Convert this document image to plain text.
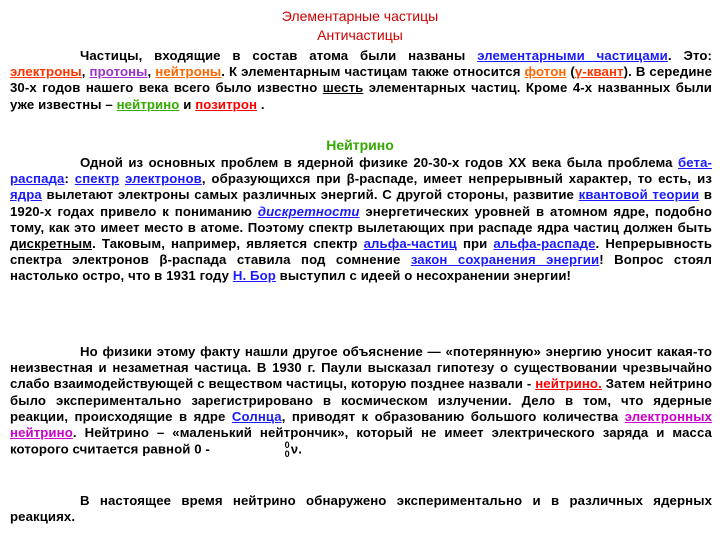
Элементарные частицы
Античастицы

Частицы, входящие в состав атома были названы элементарными частицами. Это: электроны, протоны, нейтроны. К элементарным частицам также относится фотон (γ-квант). В середине 30-х годов нашего века всего было известно шесть элементарных частиц. Кроме 4-х названных были уже известны – нейтрино и позитрон .

Нейтрино

Одной из основных проблем в ядерной физике 20-30-х годов XX века была проблема бета-распада: спектр электронов, образующихся при β-распаде, имеет непрерывный характер, то есть, из ядра вылетают электроны самых различных энергий. С другой стороны, развитие квантовой теории в 1920-х годах привело к пониманию дискретности энергетических уровней в атомном ядре, подобно тому, как это имеет место в атоме. Поэтому спектр вылетающих при распаде ядра частиц должен быть дискретным. Таковым, например, является спектр альфа-частиц при альфа-распаде. Непрерывность спектра электронов β-распада ставила под сомнение закон сохранения энергии! Вопрос стоял настолько остро, что в 1931 году Н. Бор выступил с идеей о несохранении энергии!

Но физики этому факту нашли другое объяснение — «потерянную» энергию уносит какая-то неизвестная и незаметная частица. В 1930 г. Паули высказал гипотезу о существовании чрезвычайно слабо взаимодействующей с веществом частицы, которую позднее назвали - нейтрино. Затем нейтрино было экспериментально зарегистрировано в космическом излучении. Дело в том, что ядерные реакции, происходящие в ядре Солнца, приводят к образованию большого количества электронных нейтрино. Нейтрино – «маленький нейтрончик», который не имеет электрического заряда и масса которого считается равной 0 -	0
0 ν.

В настоящее время нейтрино обнаружено экспериментально и в различных ядерных реакциях.
